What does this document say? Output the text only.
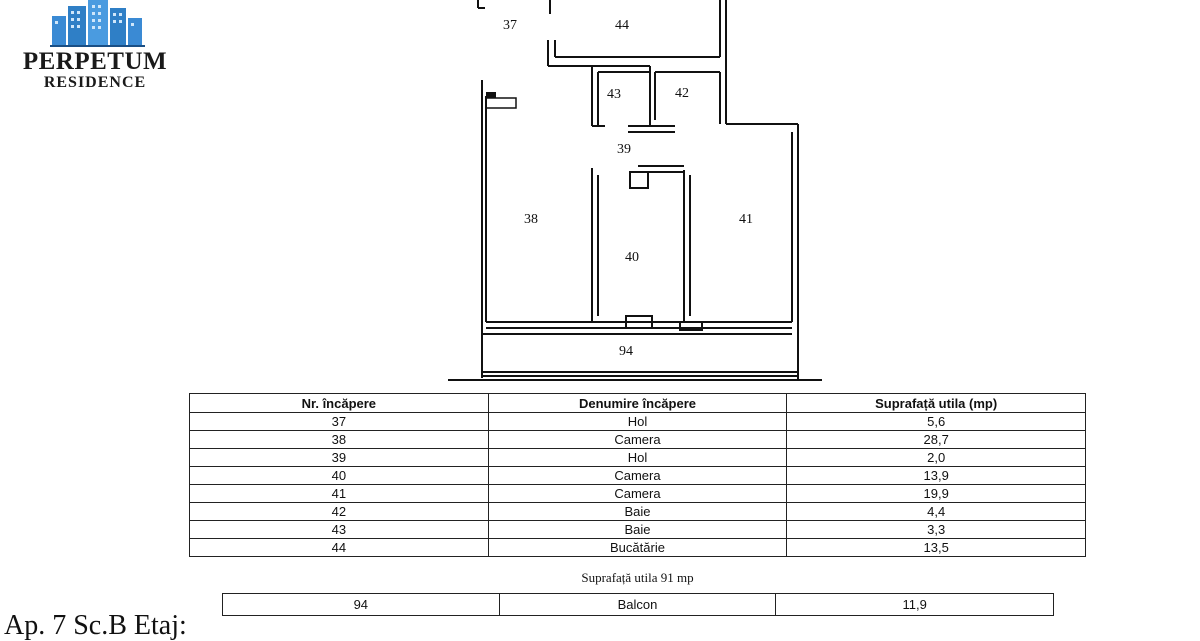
PERPETUM
RESIDENCE
37	44
43	42
39
38	41
40
94
Nr. încăpere	Denumire încăpere	Suprafață utila (mp)
37	Hol	5,6
38	Camera	28,7
39	Hol	2,0
40	Camera	13,9
41	Camera	19,9
42	Baie	4,4
43	Baie	3,3
44	Bucătărie	13,5
Suprafață utila 91 mp
94	Balcon	11,9
Ap. 7 Sc.B Etaj:
